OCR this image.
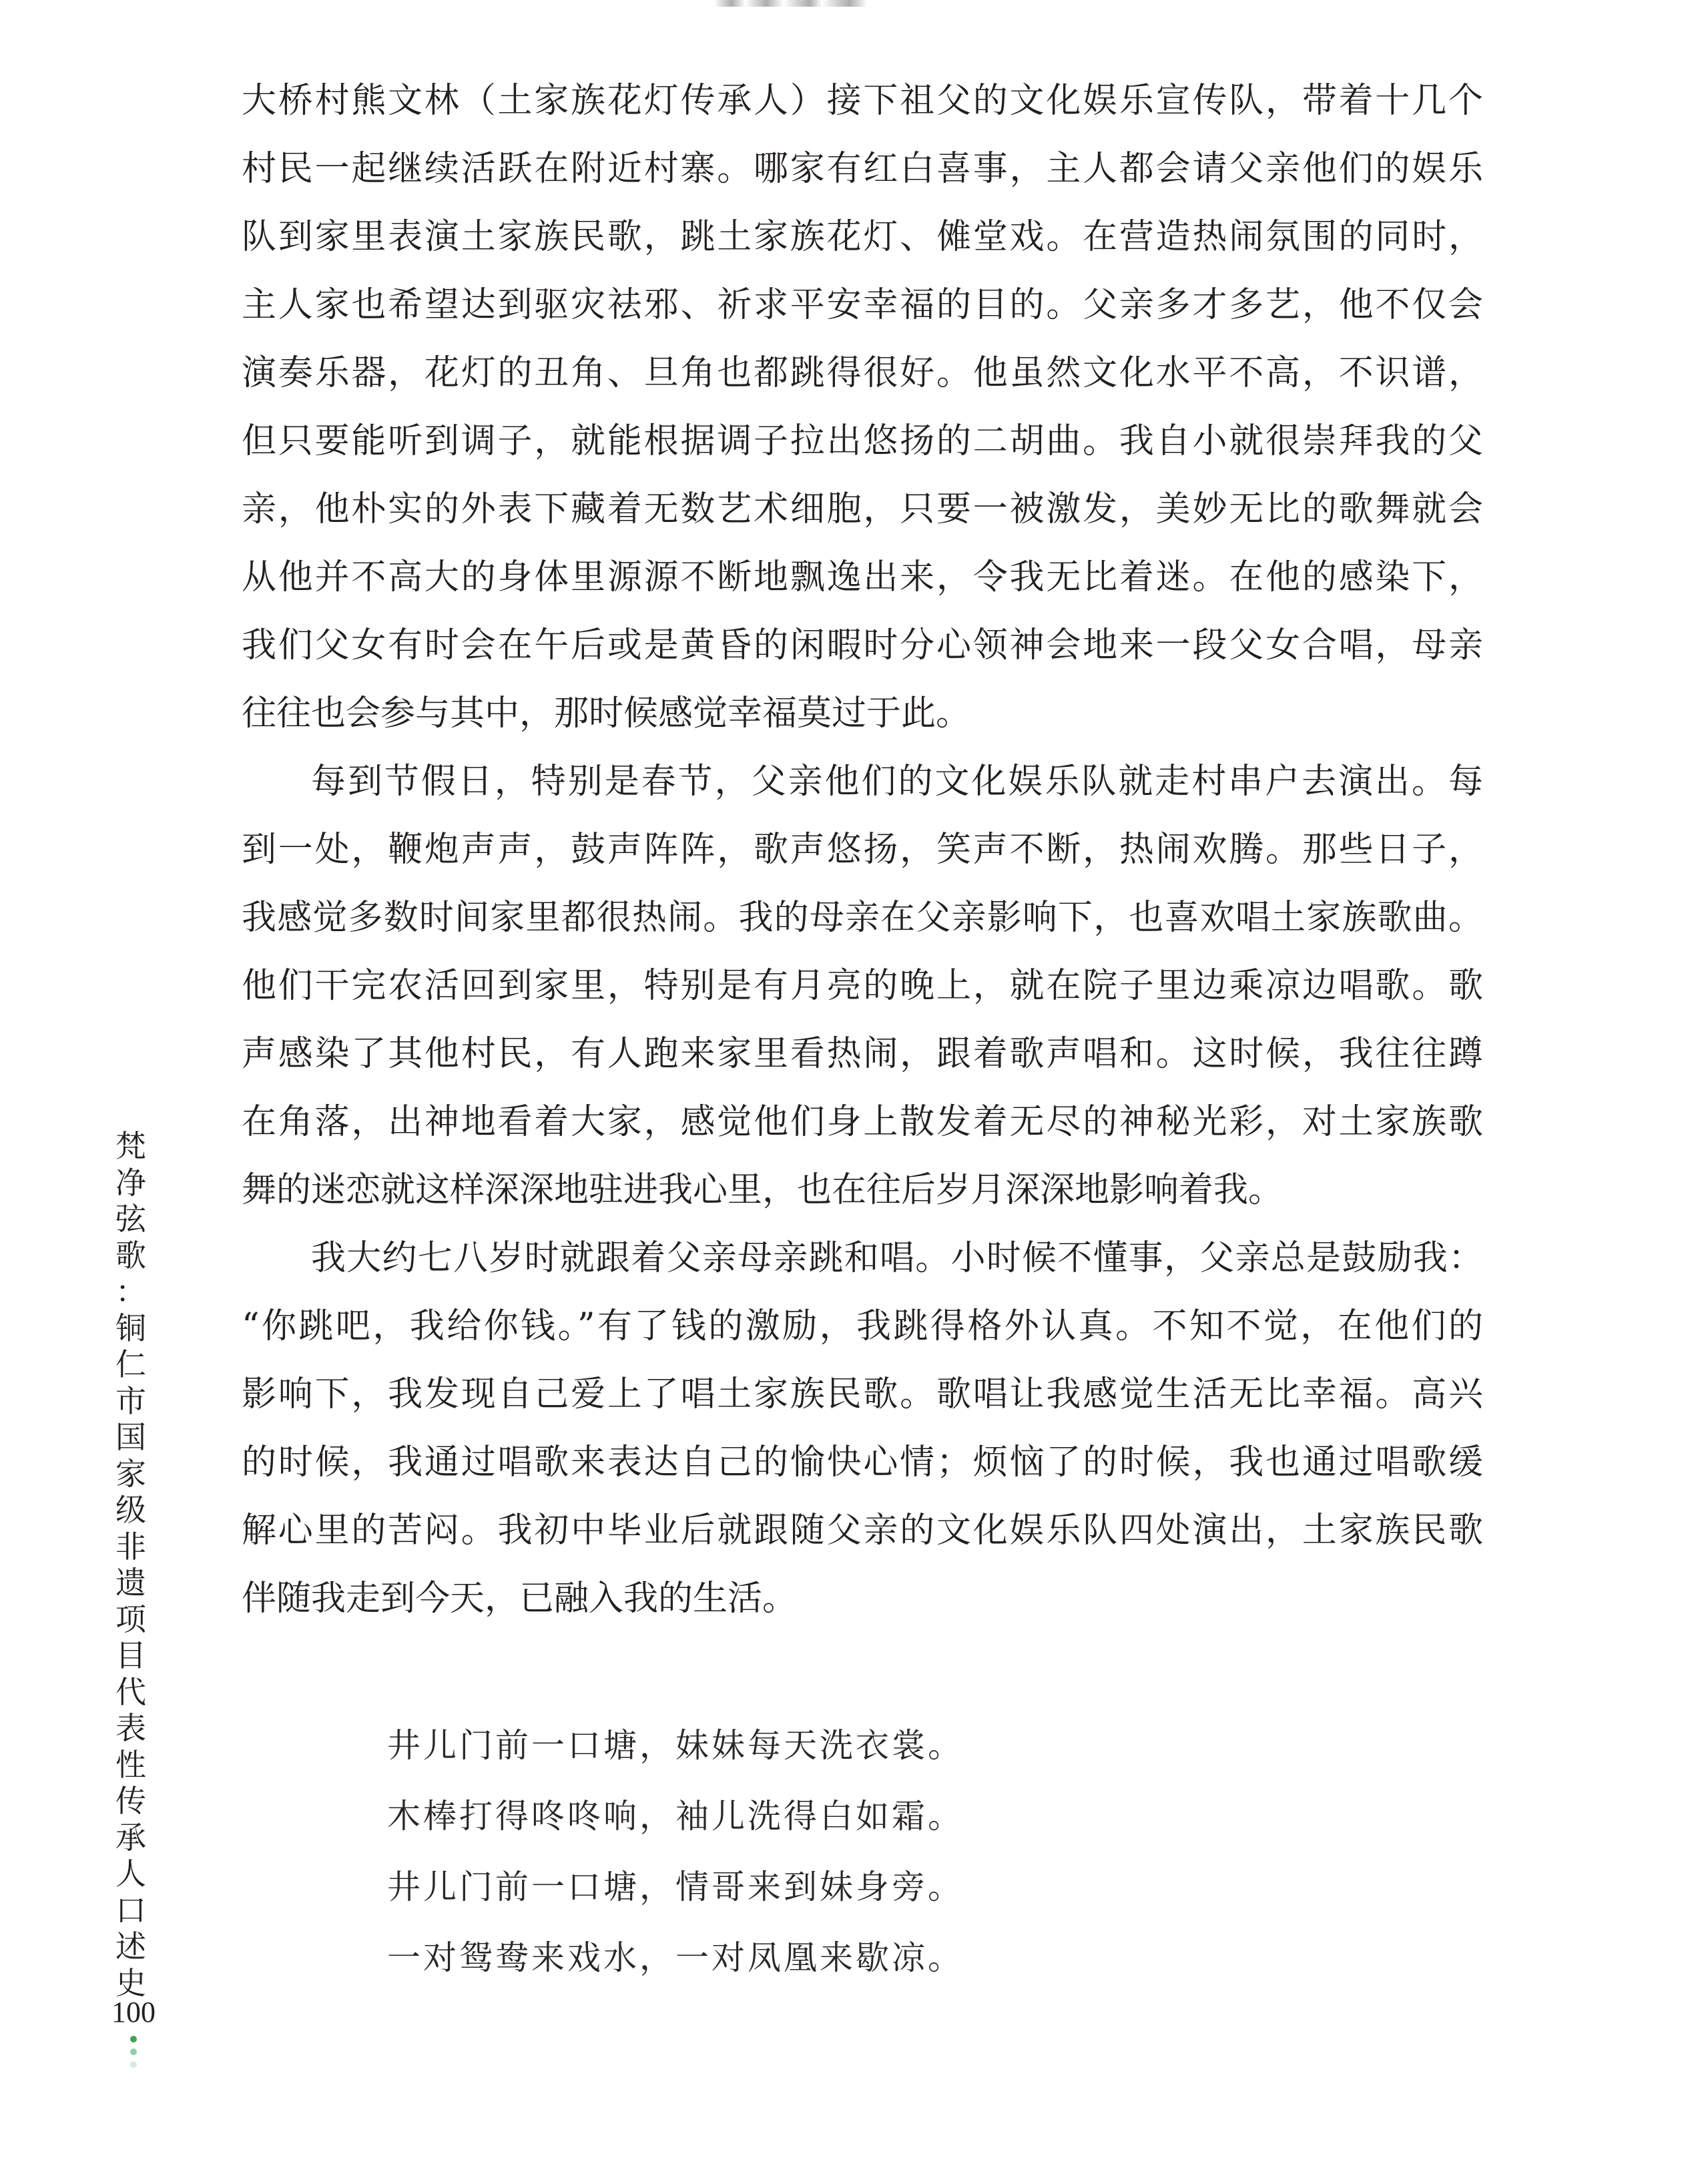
大桥村熊文林（土家族花灯传承人）接下祖父的文化娱乐宣传队，带着十几个
村民一起继续活跃在附近村寨。哪家有红白喜事，主人都会请父亲他们的娱乐
队到家里表演土家族民歌，跳土家族花灯、傩堂戏。在营造热闹氛围的同时，
主人家也希望达到驱灾祛邪、祈求平安幸福的目的。父亲多才多艺，他不仅会
演奏乐器，花灯的丑角、旦角也都跳得很好。他虽然文化水平不高，不识谱，
但只要能听到调子，就能根据调子拉出悠扬的二胡曲。我自小就很崇拜我的父
亲，他朴实的外表下藏着无数艺术细胞，只要一被激发，美妙无比的歌舞就会
从他并不高大的身体里源源不断地飘逸出来，令我无比着迷。在他的感染下，
我们父女有时会在午后或是黄昏的闲暇时分心领神会地来一段父女合唱，母亲
往往也会参与其中，那时候感觉幸福莫过于此。
每到节假日，特别是春节，父亲他们的文化娱乐队就走村串户去演出。每
到一处，鞭炮声声，鼓声阵阵，歌声悠扬，笑声不断，热闹欢腾。那些日子，
我感觉多数时间家里都很热闹。我的母亲在父亲影响下，也喜欢唱土家族歌曲。
他们干完农活回到家里，特别是有月亮的晚上，就在院子里边乘凉边唱歌。歌
声感染了其他村民，有人跑来家里看热闹，跟着歌声唱和。这时候，我往往蹲
在角落，出神地看着大家，感觉他们身上散发着无尽的神秘光彩，对土家族歌
舞的迷恋就这样深深地驻进我心里，也在往后岁月深深地影响着我。
我大约七八岁时就跟着父亲母亲跳和唱。小时候不懂事，父亲总是鼓励我：
“你跳吧，我给你钱。”有了钱的激励，我跳得格外认真。不知不觉，在他们的
影响下，我发现自己爱上了唱土家族民歌。歌唱让我感觉生活无比幸福。高兴
的时候，我通过唱歌来表达自己的愉快心情；烦恼了的时候，我也通过唱歌缓
解心里的苦闷。我初中毕业后就跟随父亲的文化娱乐队四处演出，土家族民歌
伴随我走到今天，已融入我的生活。
井儿门前一口塘，妹妹每天洗衣裳。
木棒打得咚咚响，袖儿洗得白如霜。
井儿门前一口塘，情哥来到妹身旁。
一对鸳鸯来戏水，一对凤凰来歇凉。
梵
净
弦
歌
：
铜
仁
市
国
家
级
非
遗
项
目
代
表
性
传
承
人
口
述
史
100
